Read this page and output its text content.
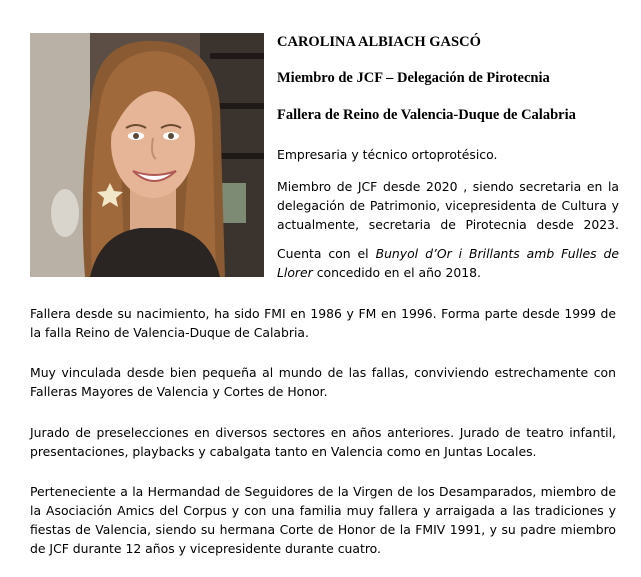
CAROLINA ALBIACH GASCÓ
Miembro de JCF – Delegación de Pirotecnia
Fallera de Reino de Valencia-Duque de Calabria

Empresaria y técnico ortoprotésico.

Miembro de JCF desde 2020 , siendo secretaria en la delegación de Patrimonio, vicepresidenta de Cultura y actualmente, secretaria de Pirotecnia desde 2023.

Cuenta con el Bunyol d’Or i Brillants amb Fulles de Llorer concedido en el año 2018.

Fallera desde su nacimiento, ha sido FMI en 1986 y FM en 1996. Forma parte desde 1999 de la falla Reino de Valencia-Duque de Calabria.

Muy vinculada desde bien pequeña al mundo de las fallas, conviviendo estrechamente con Falleras Mayores de Valencia y Cortes de Honor.

Jurado de preselecciones en diversos sectores en años anteriores. Jurado de teatro infantil, presentaciones, playbacks y cabalgata tanto en Valencia como en Juntas Locales.

Perteneciente a la Hermandad de Seguidores de la Virgen de los Desamparados, miembro de la Asociación Amics del Corpus y con una familia muy fallera y arraigada a las tradiciones y fiestas de Valencia, siendo su hermana Corte de Honor de la FMIV 1991, y su padre miembro de JCF durante 12 años y vicepresidente durante cuatro.
